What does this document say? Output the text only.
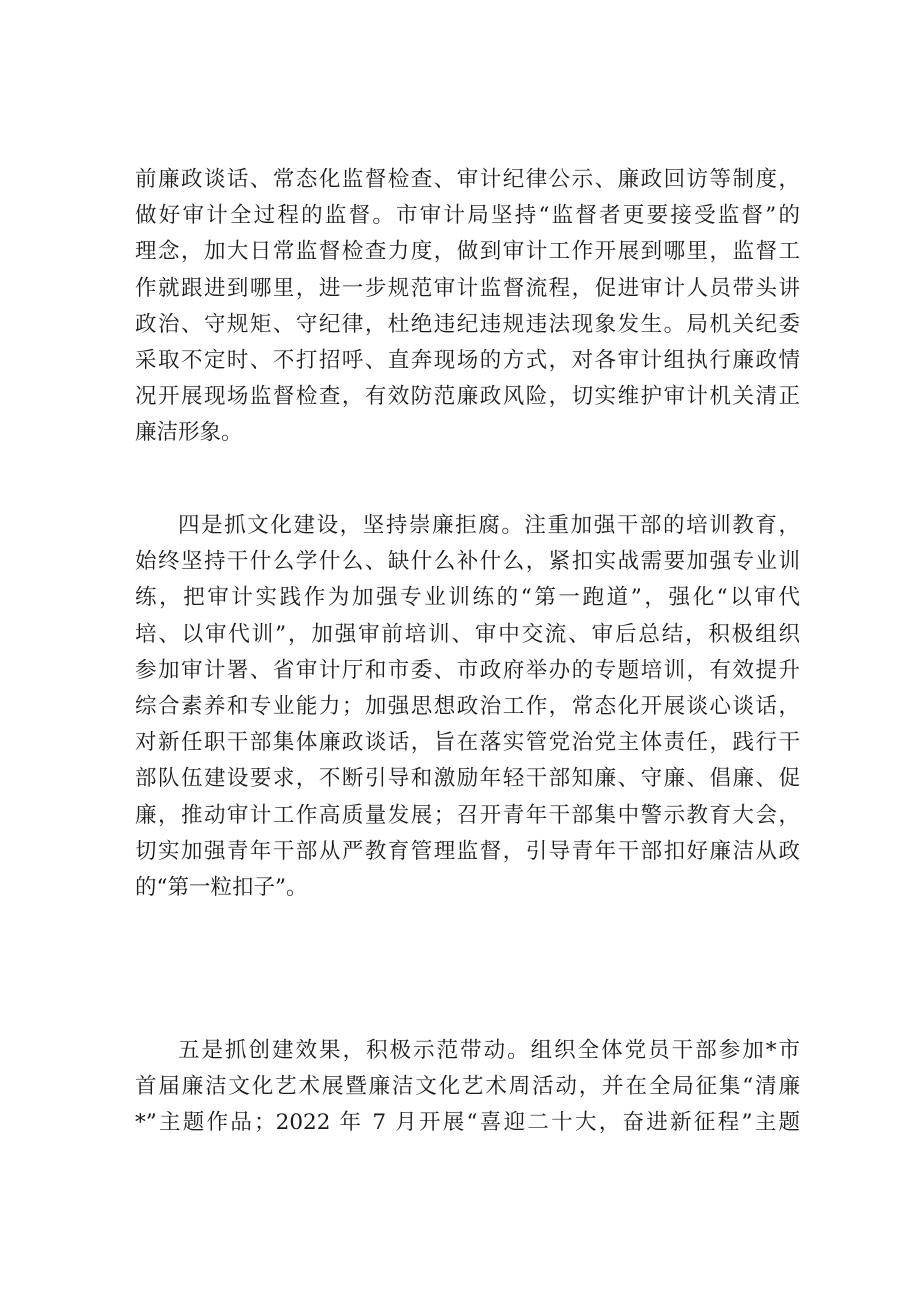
前廉政谈话、常态化监督检查、审计纪律公示、廉政回访等制度，
做好审计全过程的监督。市审计局坚持“监督者更要接受监督”的
理念，加大日常监督检查力度，做到审计工作开展到哪里，监督工
作就跟进到哪里，进一步规范审计监督流程，促进审计人员带头讲
政治、守规矩、守纪律，杜绝违纪违规违法现象发生。局机关纪委
采取不定时、不打招呼、直奔现场的方式，对各审计组执行廉政情
况开展现场监督检查，有效防范廉政风险，切实维护审计机关清正
廉洁形象。
四是抓文化建设，坚持崇廉拒腐。注重加强干部的培训教育，
始终坚持干什么学什么、缺什么补什么，紧扣实战需要加强专业训
练，把审计实践作为加强专业训练的“第一跑道”，强化“以审代
培、以审代训”，加强审前培训、审中交流、审后总结，积极组织
参加审计署、省审计厅和市委、市政府举办的专题培训，有效提升
综合素养和专业能力；加强思想政治工作，常态化开展谈心谈话，
对新任职干部集体廉政谈话，旨在落实管党治党主体责任，践行干
部队伍建设要求，不断引导和激励年轻干部知廉、守廉、倡廉、促
廉，推动审计工作高质量发展；召开青年干部集中警示教育大会，
切实加强青年干部从严教育管理监督，引导青年干部扣好廉洁从政
的“第一粒扣子”。
五是抓创建效果，积极示范带动。组织全体党员干部参加*市
首届廉洁文化艺术展暨廉洁文化艺术周活动，并在全局征集“清廉
*”主题作品；2022 年 7 月开展“喜迎二十大，奋进新征程”主题
